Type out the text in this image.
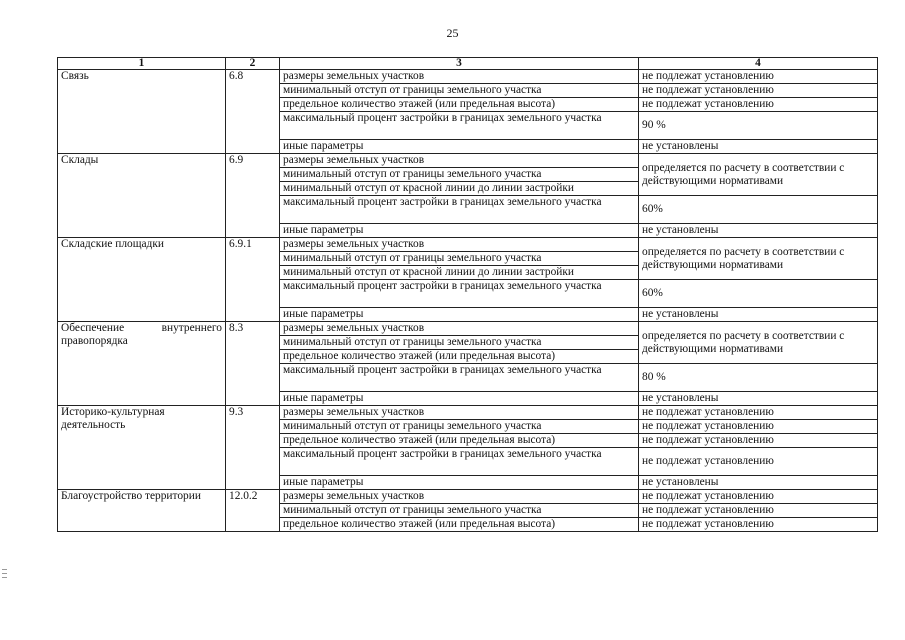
25
1	2	3	4
Связь	6.8	размеры земельных участков	не подлежат установлению
		минимальный отступ от границы земельного участка	не подлежат установлению
		предельное количество этажей (или предельная высота)	не подлежат установлению
		максимальный процент застройки в границах земельного участка	90 %
		иные параметры	не установлены
Склады	6.9	размеры земельных участков	определяется по расчету в соответствии с действующими нормативами
		минимальный отступ от границы земельного участка	
		минимальный отступ от красной линии до линии застройки	
		максимальный процент застройки в границах земельного участка	60%
		иные параметры	не установлены
Складские площадки	6.9.1	размеры земельных участков	определяется по расчету в соответствии с действующими нормативами
		минимальный отступ от границы земельного участка	
		минимальный отступ от красной линии до линии застройки	
		максимальный процент застройки в границах земельного участка	60%
		иные параметры	не установлены
Обеспечение внутреннего правопорядка	8.3	размеры земельных участков	определяется по расчету в соответствии с действующими нормативами
		минимальный отступ от границы земельного участка	
		предельное количество этажей (или предельная высота)	
		максимальный процент застройки в границах земельного участка	80 %
		иные параметры	не установлены
Историко-культурная деятельность	9.3	размеры земельных участков	не подлежат установлению
		минимальный отступ от границы земельного участка	не подлежат установлению
		предельное количество этажей (или предельная высота)	не подлежат установлению
		максимальный процент застройки в границах земельного участка	не подлежат установлению
		иные параметры	не установлены
Благоустройство территории	12.0.2	размеры земельных участков	не подлежат установлению
		минимальный отступ от границы земельного участка	не подлежат установлению
		предельное количество этажей (или предельная высота)	не подлежат установлению
